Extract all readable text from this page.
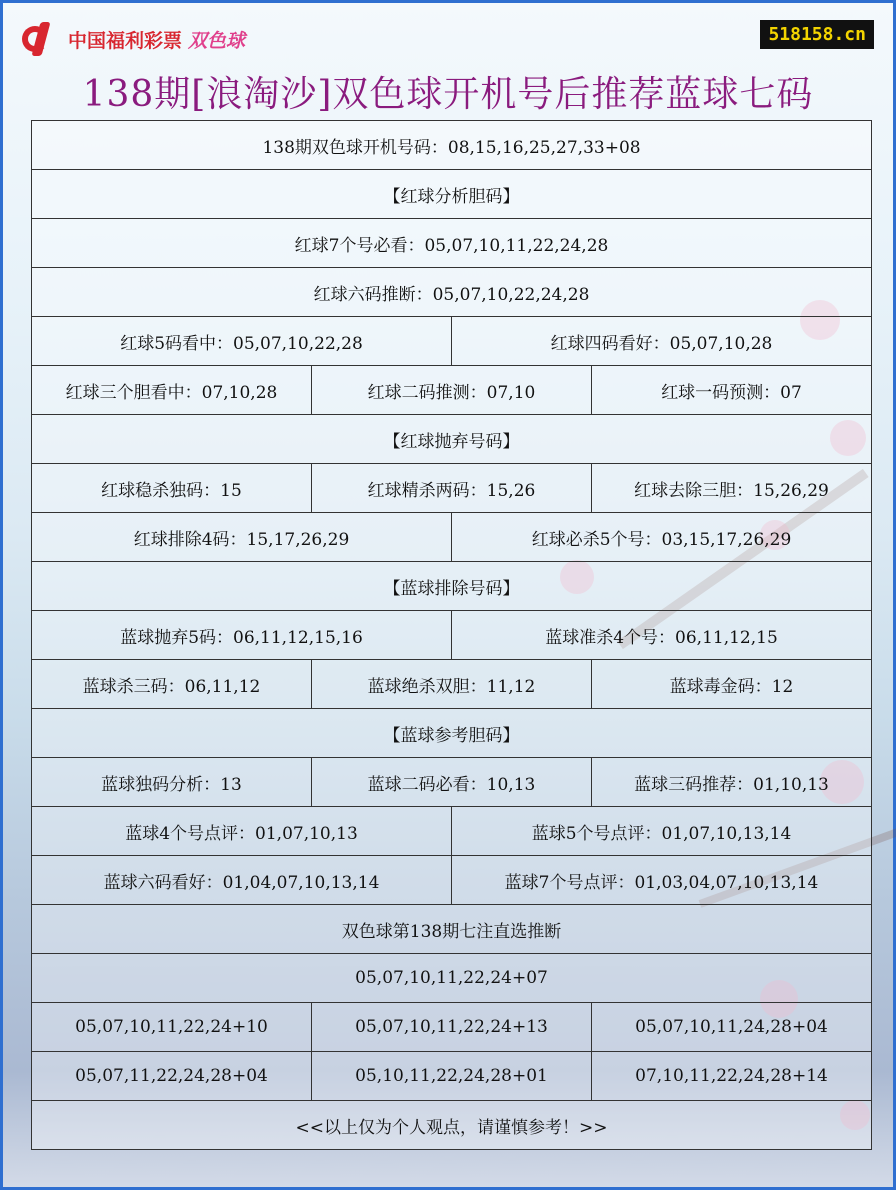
中国福利彩票 双色球	518158.cn
138期[浪淘沙]双色球开机号后推荐蓝球七码
138期双色球开机号码：08,15,16,25,27,33+08			
【红球分析胆码】			
红球7个号必看：05,07,10,11,22,24,28			
红球六码推断：05,07,10,22,24,28			
红球5码看中：05,07,10,22,28		红球四码看好：05,07,10,28	
红球三个胆看中：07,10,28	红球二码推测：07,10		红球一码预测：07
【红球抛弃号码】			
红球稳杀独码：15	红球精杀两码：15,26		红球去除三胆：15,26,29
红球排除4码：15,17,26,29		红球必杀5个号：03,15,17,26,29	
【蓝球排除号码】			
蓝球抛弃5码：06,11,12,15,16		蓝球准杀4个号：06,11,12,15	
蓝球杀三码：06,11,12	蓝球绝杀双胆：11,12		蓝球毒金码：12
【蓝球参考胆码】			
蓝球独码分析：13	蓝球二码必看：10,13		蓝球三码推荐：01,10,13
蓝球4个号点评：01,07,10,13		蓝球5个号点评：01,07,10,13,14	
蓝球六码看好：01,04,07,10,13,14		蓝球7个号点评：01,03,04,07,10,13,14	
双色球第138期七注直选推断			
05,07,10,11,22,24+07			
05,07,10,11,22,24+10	05,07,10,11,22,24+13		05,07,10,11,24,28+04
05,07,11,22,24,28+04	05,10,11,22,24,28+01		07,10,11,22,24,28+14
<<以上仅为个人观点，请谨慎参考！>>			
